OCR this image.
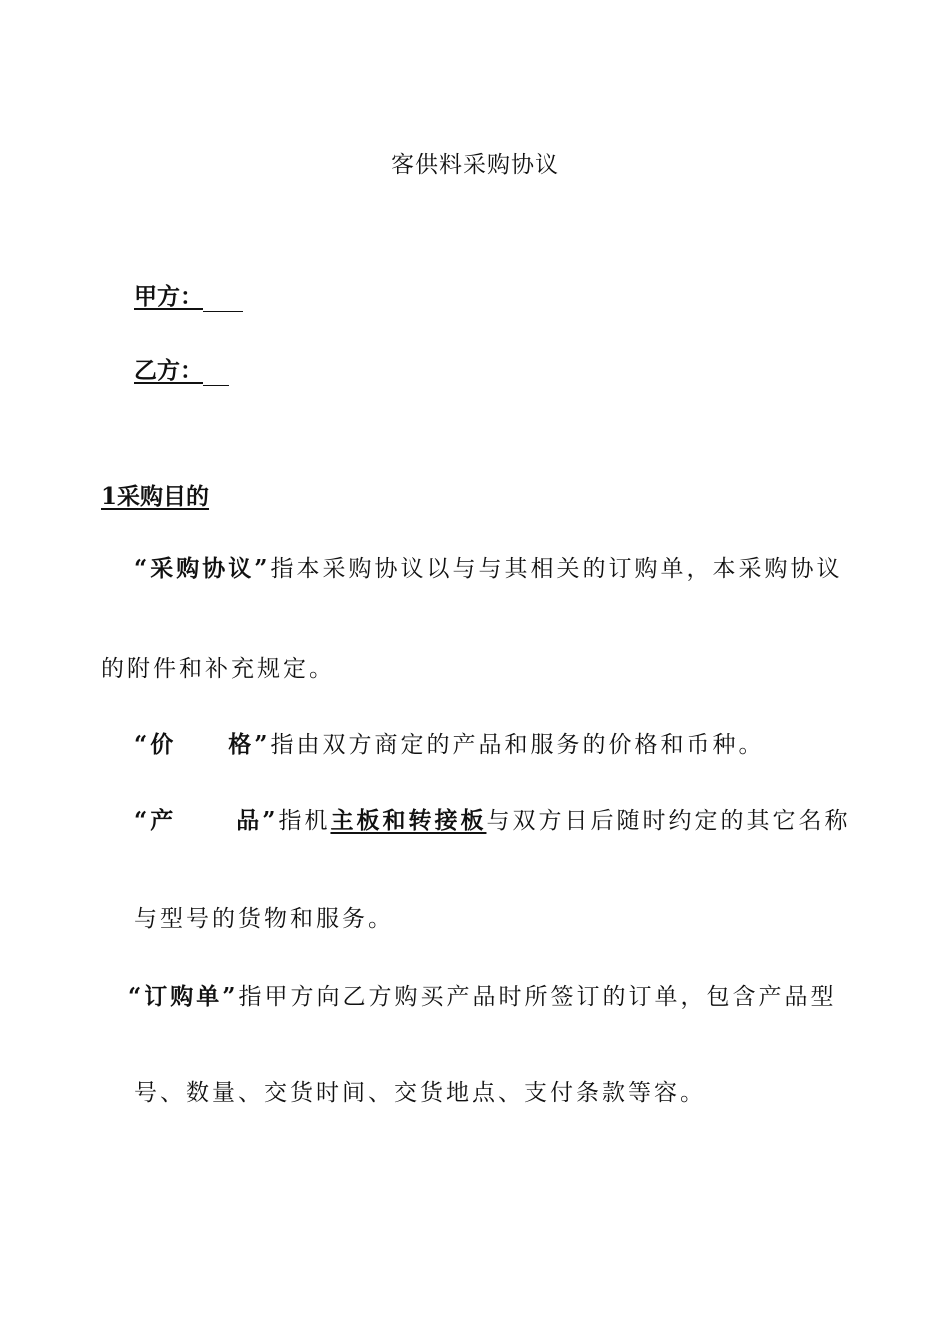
客供料采购协议
甲方：
乙方：
1采购目的
“采购协议”指本采购协议以与与其相关的订购单，本采购协议
的附件和补充规定。
“价 格”指由双方商定的产品和服务的价格和币种。
“产	品”指机主板和转接板与双方日后随时约定的其它名称
与型号的货物和服务。
“订购单”指甲方向乙方购买产品时所签订的订单，包含产品型
号、数量、交货时间、交货地点、支付条款等容。
